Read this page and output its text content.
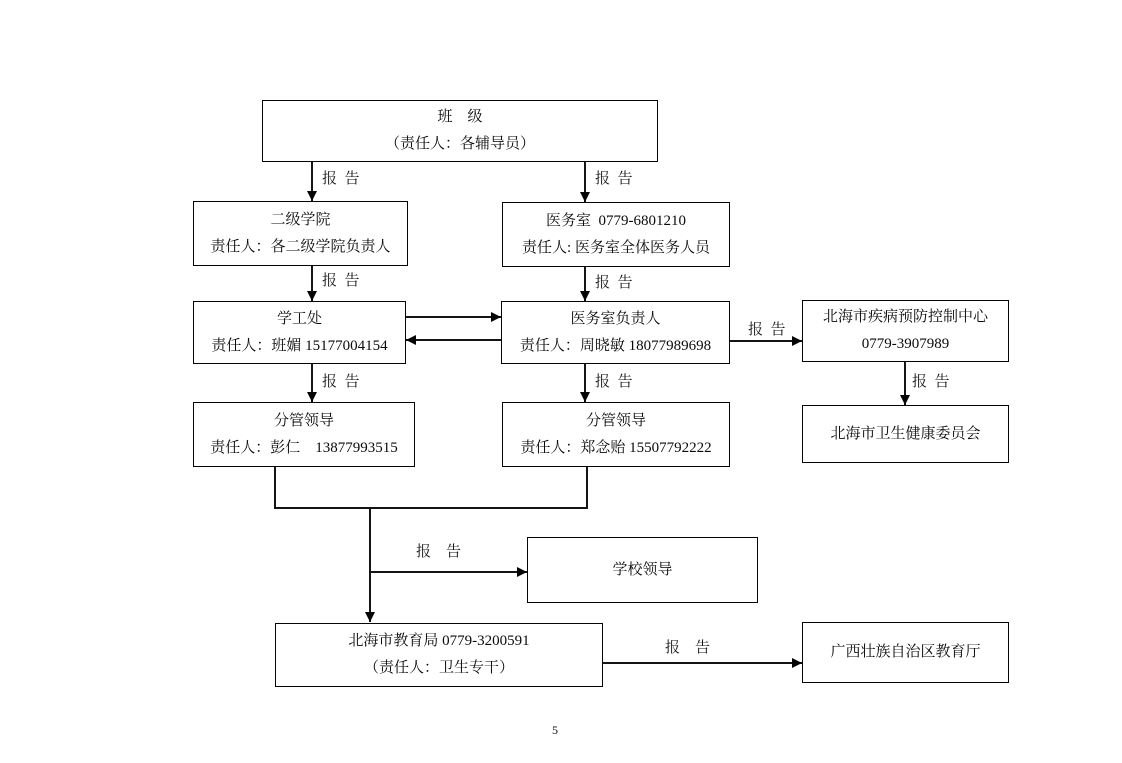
5
班　级
（责任人：各辅导员）
二级学院
责任人：各二级学院负责人
医务室  0779-6801210
责任人: 医务室全体医务人员
学工处
责任人：班媚 15177004154
医务室负责人
责任人：周晓敏 18077989698
北海市疾病预防控制中心
0779-3907989
分管领导
责任人：彭仁    13877993515
分管领导
责任人：郑念贻 15507792222
北海市卫生健康委员会
学校领导
北海市教育局 0779-3200591
（责任人：卫生专干）
广西壮族自治区教育厅
报  告	报  告
报  告	报  告
报  告	报  告
报  告
报  告
报    告
报    告
